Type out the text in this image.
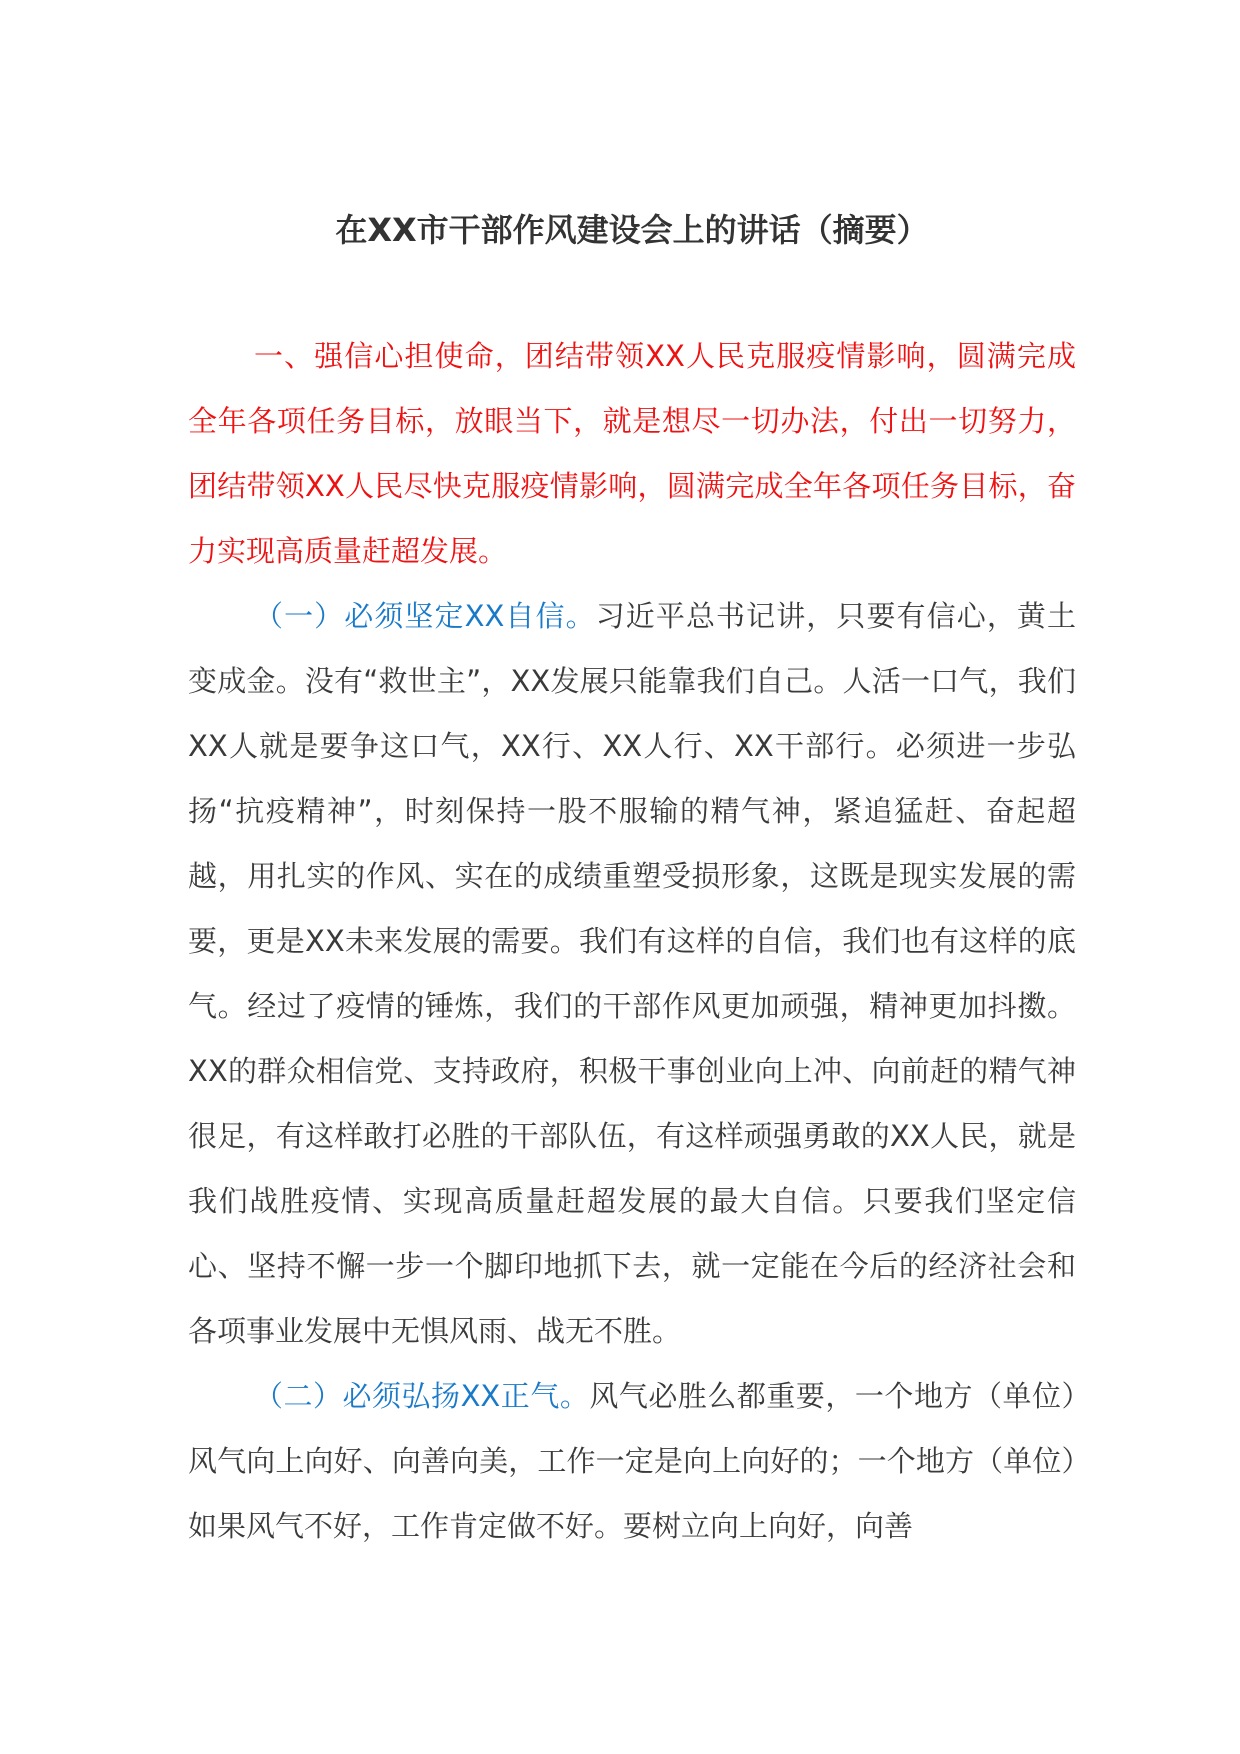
在XX市干部作风建设会上的讲话（摘要）

一、强信心担使命，团结带领XX人民克服疫情影响，圆满完成全年各项任务目标，放眼当下，就是想尽一切办法，付出一切努力，团结带领XX人民尽快克服疫情影响，圆满完成全年各项任务目标，奋力实现高质量赶超发展。

（一）必须坚定XX自信。习近平总书记讲，只要有信心，黄土变成金。没有“救世主”，XX发展只能靠我们自己。人活一口气，我们XX人就是要争这口气，XX行、XX人行、XX干部行。必须进一步弘扬“抗疫精神”，时刻保持一股不服输的精气神，紧追猛赶、奋起超越，用扎实的作风、实在的成绩重塑受损形象，这既是现实发展的需要，更是XX未来发展的需要。我们有这样的自信，我们也有这样的底气。经过了疫情的锤炼，我们的干部作风更加顽强，精神更加抖擞。XX的群众相信党、支持政府，积极干事创业向上冲、向前赶的精气神很足，有这样敢打必胜的干部队伍，有这样顽强勇敢的XX人民，就是我们战胜疫情、实现高质量赶超发展的最大自信。只要我们坚定信心、坚持不懈一步一个脚印地抓下去，就一定能在今后的经济社会和各项事业发展中无惧风雨、战无不胜。

（二）必须弘扬XX正气。风气必胜么都重要，一个地方（单位）风气向上向好、向善向美，工作一定是向上向好的；一个地方（单位）如果风气不好，工作肯定做不好。要树立向上向好，向善
